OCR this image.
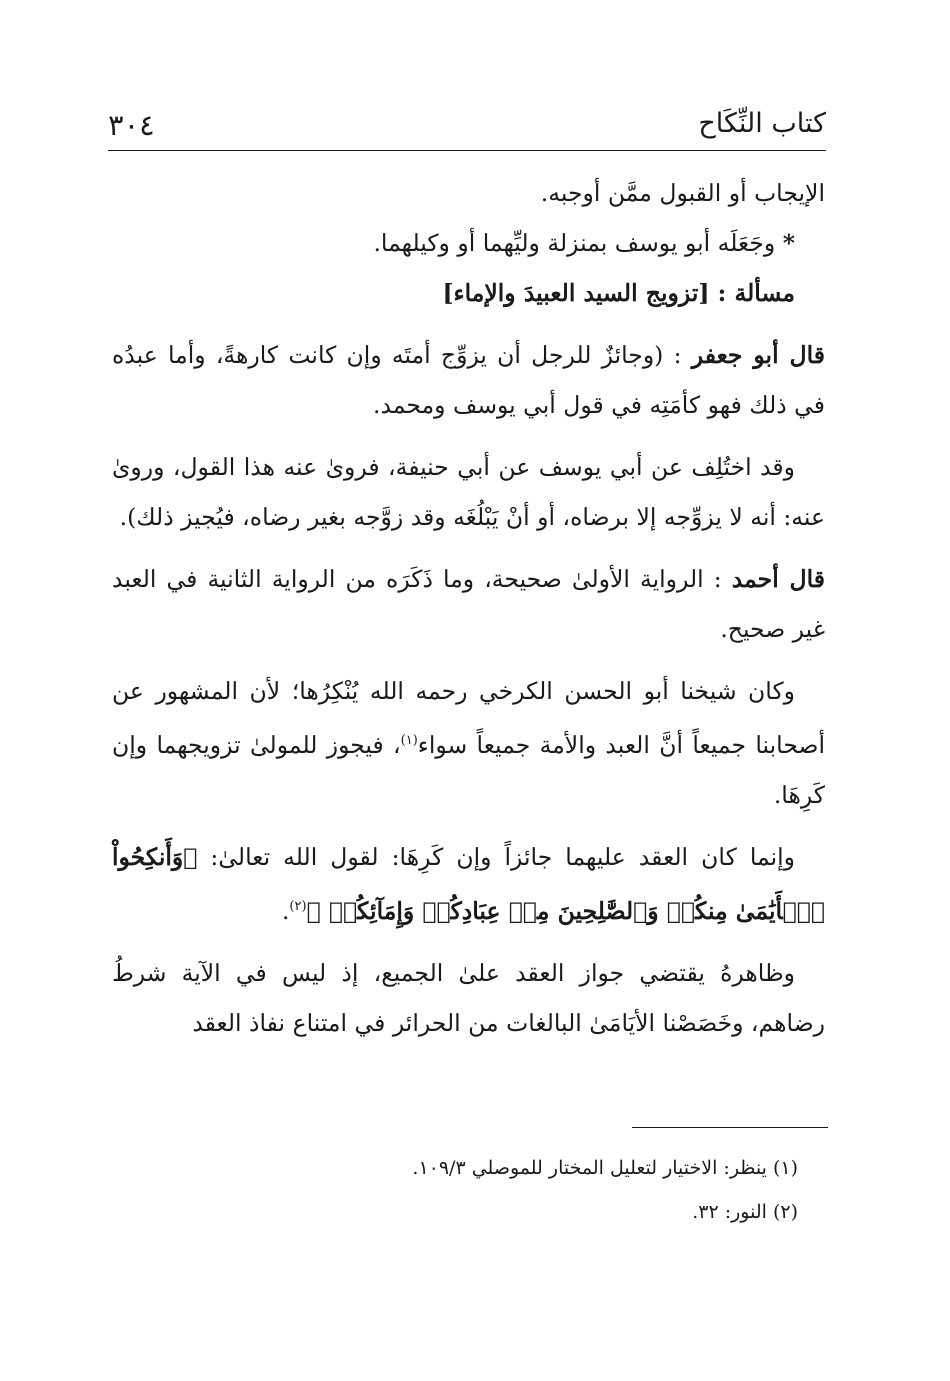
كتاب النِّكَاح
٣٠٤

الإيجاب أو القبول ممَّن أوجبه.

* وجَعَلَه أبو يوسف بمنزلة وليِّهما أو وكيلهما.

مسألة : [تزويج السيد العبيدَ والإماء]

قال أبو جعفر : (وجائزٌ للرجل أن يزوِّج أمتَه وإن كانت كارهةً، وأما عبدُه في ذلك فهو كأمَتِه في قول أبي يوسف ومحمد.

وقد اختُلِف عن أبي يوسف عن أبي حنيفة، فرویٰ عنه هذا القول، ورویٰ عنه: أنه لا يزوِّجه إلا برضاه، أو أنْ يَبْلُغَه وقد زوَّجه بغير رضاه، فيُجيز ذلك).

قال أحمد : الرواية الأولیٰ صحيحة، وما ذَكَرَه من الرواية الثانية في العبد غير صحيح.

وكان شيخنا أبو الحسن الكرخي رحمه الله يُنْكِرُها؛ لأن المشهور عن أصحابنا جميعاً أنَّ العبد والأمة جميعاً سواء$^{(١)}$، فيجوز للمولیٰ تزويجهما وإن كَرِهَا.

وإنما كان العقد عليهما جائزاً وإن كَرِهَا: لقول الله تعالیٰ: ﴿وَأَنكِحُواْ ٱلۡأَيَٰمَىٰ مِنكُمۡ وَٱلصَّٰلِحِينَ مِنۡ عِبَادِكُمۡ وَإِمَآئِكُمۡ ﴾$^{(٢)}$.

وظاهرهُ يقتضي جواز العقد علیٰ الجميع، إذ ليس في الآية شرطُ رضاهم، وخَصَصْنا الأيَامَیٰ البالغات من الحرائر في امتناع نفاذ العقد

(١) ينظر: الاختيار لتعليل المختار للموصلي ١٠٩/٣.
(٢) النور: ٣٢.
